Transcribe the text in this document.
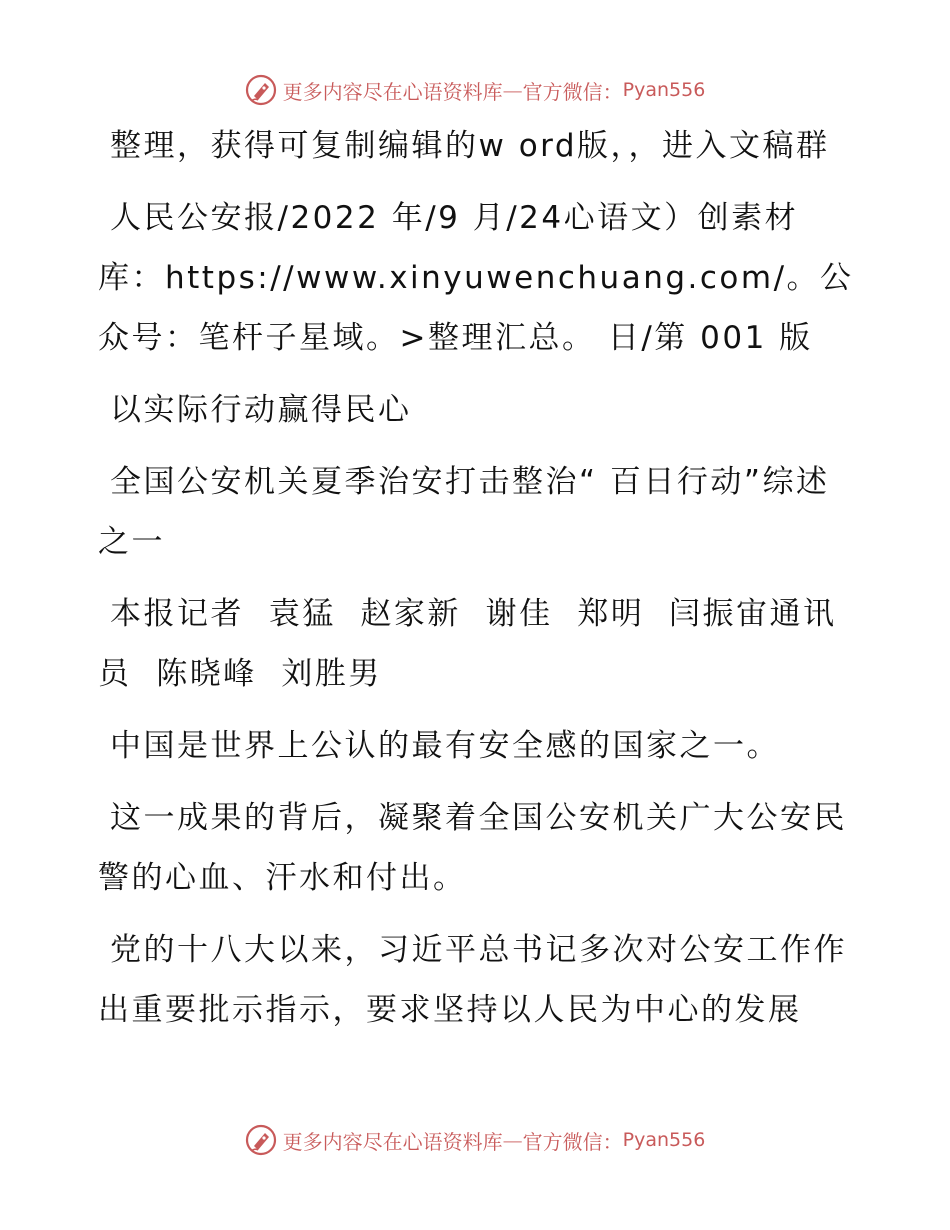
更多内容尽在心语资料库 — 官方微信： Pyan556

整理，获得可复制编辑的w ord版，，进入文稿群

人民公安报/2022 年/9 月/24心语文）创素材库：https://www.xinyuwenchuang.com/。公众号：笔杆子星域。>整理汇总。 日/第 001 版

以实际行动赢得民心

全国公安机关夏季治安打击整治“ 百日行动”综述之一

本报记者  袁猛  赵家新  谢佳  郑明  闫振宙通讯员  陈晓峰  刘胜男

中国是世界上公认的最有安全感的国家之一。

这一成果的背后，凝聚着全国公安机关广大公安民警的心血、汗水和付出。

党的十八大以来，习近平总书记多次对公安工作作出重要批示指示，要求坚持以人民为中心的发展

更多内容尽在心语资料库 — 官方微信： Pyan556
